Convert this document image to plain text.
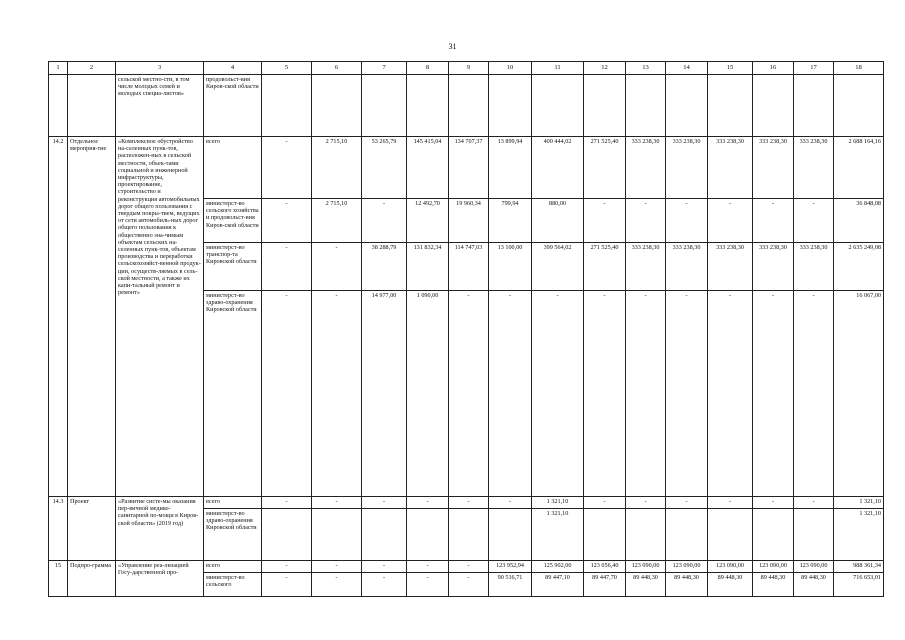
31
1	2	3	4	5	6	7	8	9	10	11	12	13	14	15	16	17	18
		сельской местно-сти, в том числе молодых семей и молодых специа-листов»	продовольст-вия Киров-ской области														
14.2	Отдельное мероприя-тие	«Комплексное обустройство на-селенных пунк-тов, расположен-ных в сельской местности, объек-тами социальной и инженерной инфраструктуры, проектирование, строительство и реконструкция автомобильных дорог общего пользования с твердым покры-тием, ведущих от сети автомобиль-ных дорог общего пользования к общественно зна-чимым объектам сельских на-селенных пунк-тов, объектам производства и переработки сельскохозяйст-венной продук-ции, осуществ-ляемых в сель-ской местности, а также их капи-тальный ремонт и ремонт»	всего	-	2 715,10	53 265,79	145 415,04	134 707,37	13 899,94	400 444,02	271 525,40	333 238,30	333 238,30	333 238,30	333 238,30	333 238,30	2 688 164,16
			министерст-во сельского хозяйства и продовольст-вия Киров-ской области	-	2 715,10	-	12 492,70	19 960,34	799,94	880,00	-	-	-	-	-	-	36 848,08
			министерст-во транспор-та Кировской области	-	-	38 288,79	131 832,34	114 747,03	13 100,00	399 564,02	271 525,40	333 238,30	333 238,30	333 238,30	333 238,30	333 238,30	2 635 249,08
			министерст-во здраво-охранения Кировской области	-	-	14 977,00	1 090,00	-	-	-	-	-	-	-	-	-	16 067,00
14.3	Проект	«Развитие систе-мы оказания пер-вичной медико-санитарной по-мощи в Киров-ской области» (2019 год)	всего	-	-	-	-	-	-	1 321,10	-	-	-	-	-	-	1 321,10
			министерст-во здраво-охранения Кировской области							1 321,10							1 321,10
15	Подпро-грамма	«Управление реа-лизацией Госу-дарственной про-	всего	-	-	-	-	-	123 952,94	125 902,00	123 056,40	123 090,00	123 090,00	123 090,00	123 090,00	123 090,00	988 361,34
			министерст-во сельского	-	-	-	-	-	90 516,71	89 447,10	89 447,70	89 448,30	89 448,30	89 448,30	89 448,30	89 448,30	716 653,01
